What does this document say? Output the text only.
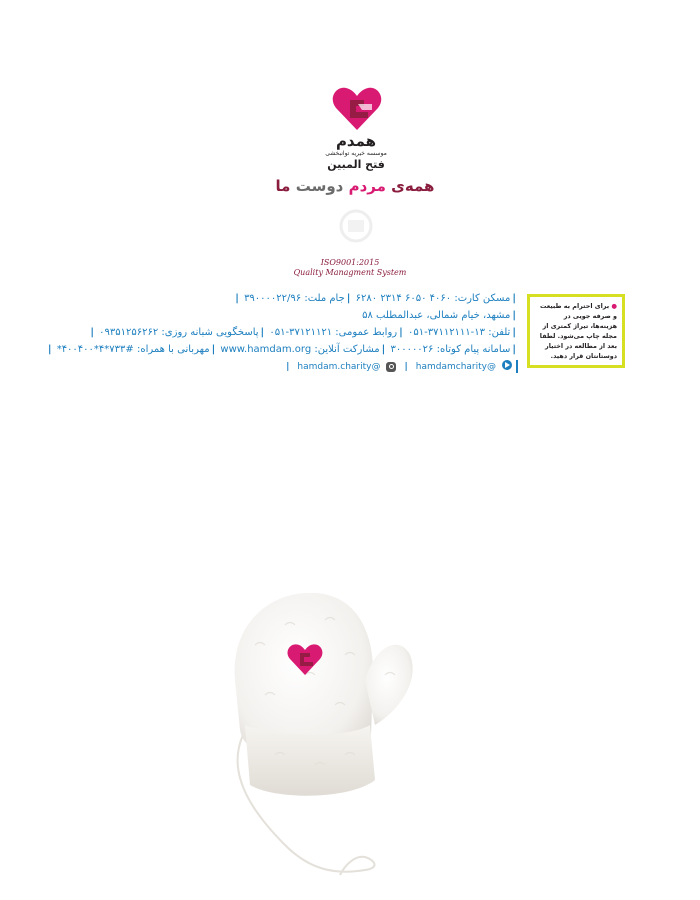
همدم
موسسه خیریه توانبخشی
فتح المبین
همه‌ی مردم دوست ما
ISO9001:2015
Quality Managment System
|مسکن کارت: ۴۰۶۰ ۶۰۵۰ ۲۳۱۴ ۶۲۸۰ |جام ملت: ۳۹۰۰۰۰۲۲/۹۶ |
|مشهد، خیام شمالی، عبدالمطلب ۵۸
|تلفن: ۱۳-۳۷۱۱۲۱۱۱-۰۵۱ |روابط عمومی: ۳۷۱۲۱۱۲۱-۰۵۱ |پاسخگویی شبانه روزی: ۰۹۳۵۱۲۵۶۲۶۲ |
|سامانه پیام کوتاه: ۳۰۰۰۰۰۲۶ |مشارکت آنلاین: www.hamdam.org |مهربانی با همراه: #۷۳۳*۴*۴۰۰۴۰۰* |
@hamdamcharity
|
@hamdam.charity
|
● برای احترام به طبیعت و صرفه جویی در هزینه‌ها، تیراژ کمتری از مجله چاپ می‌شود. لطفا بعد از مطالعه در اختیار دوستانتان قرار دهید.
